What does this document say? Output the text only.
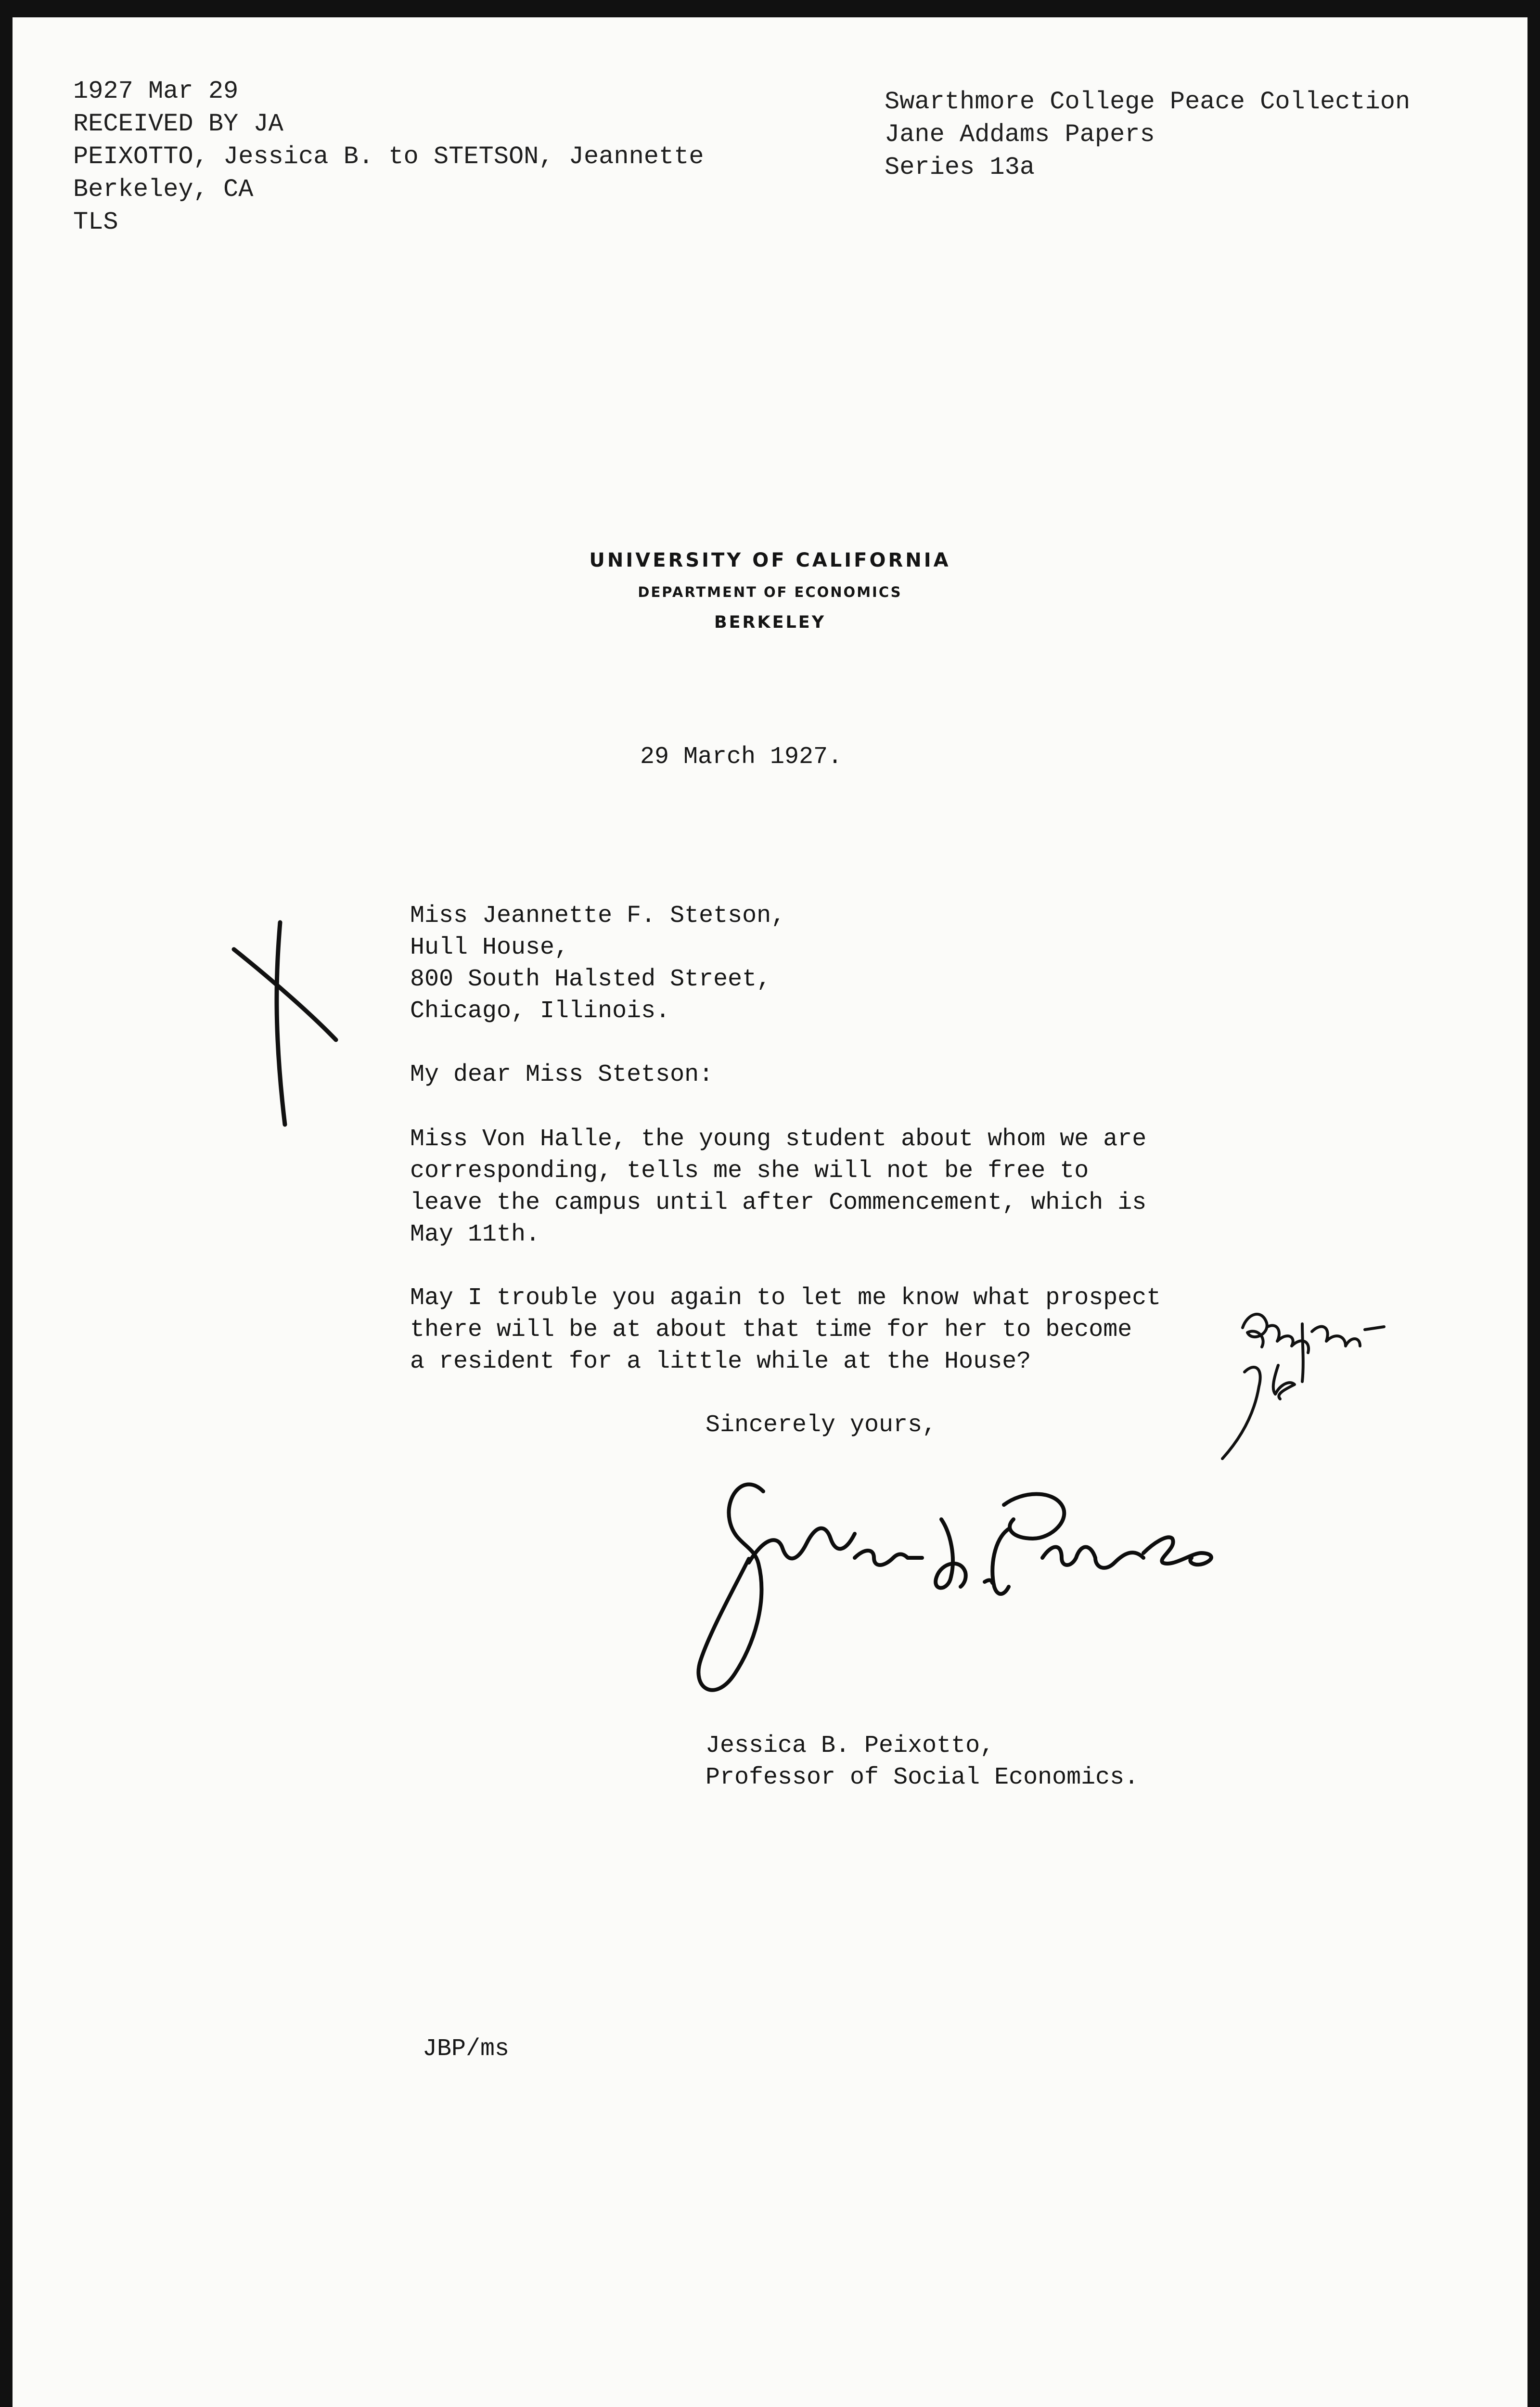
1927 Mar 29
RECEIVED BY JA
PEIXOTTO, Jessica B. to STETSON, Jeannette
Berkeley, CA
TLS
Swarthmore College Peace Collection
Jane Addams Papers
Series 13a
UNIVERSITY OF CALIFORNIA
DEPARTMENT OF ECONOMICS
BERKELEY
29 March 1927.
Miss Jeannette F. Stetson,
Hull House,
800 South Halsted Street,
Chicago, Illinois.
My dear Miss Stetson:
Miss Von Halle, the young student about whom we are
corresponding, tells me she will not be free to
leave the campus until after Commencement, which is
May 11th.
May I trouble you again to let me know what prospect
there will be at about that time for her to become
a resident for a little while at the House?
Sincerely yours,
Jessica B. Peixotto,
Professor of Social Economics.
JBP/ms
